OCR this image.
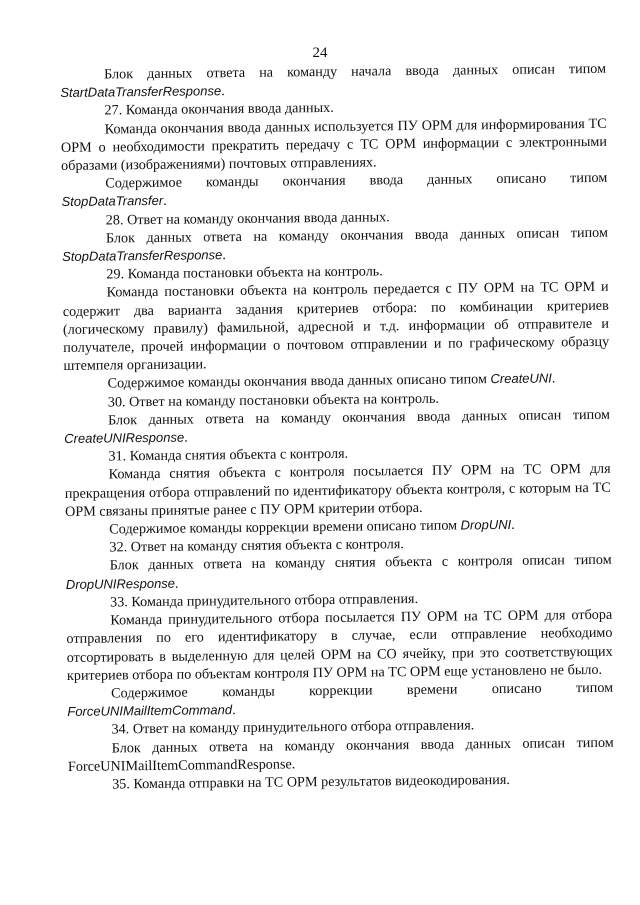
24

Блок данных ответа на команду начала ввода данных описан типом

StartDataTransferResponse.

27. Команда окончания ввода данных.

Команда окончания ввода данных используется ПУ ОРМ для информирования ТС ОРМ о необходимости прекратить передачу с ТС ОРМ информации с электронными образами (изображениями) почтовых отправлениях.

Содержимое команды окончания ввода данных описано типом

StopDataTransfer.

28. Ответ на команду окончания ввода данных.

Блок данных ответа на команду окончания ввода данных описан типом

StopDataTransferResponse.

29. Команда постановки объекта на контроль.

Команда постановки объекта на контроль передается с ПУ ОРМ на ТС ОРМ и содержит два варианта задания критериев отбора: по комбинации критериев (логическому правилу) фамильной, адресной и т.д. информации об отправителе и получателе, прочей информации о почтовом отправлении и по графическому образцу штемпеля организации.

Содержимое команды окончания ввода данных описано типом CreateUNI.

30. Ответ на команду постановки объекта на контроль.

Блок данных ответа на команду окончания ввода данных описан типом

CreateUNIResponse.

31. Команда снятия объекта с контроля.

Команда снятия объекта с контроля посылается ПУ ОРМ на ТС ОРМ для прекращения отбора отправлений по идентификатору объекта контроля, с которым на ТС ОРМ связаны принятые ранее с ПУ ОРМ критерии отбора.

Содержимое команды коррекции времени описано типом DropUNI.

32. Ответ на команду снятия объекта с контроля.

Блок данных ответа на команду снятия объекта с контроля описан типом

DropUNIResponse.

33. Команда принудительного отбора отправления.

Команда принудительного отбора посылается ПУ ОРМ на ТС ОРМ для отбора отправления по его идентификатору в случае, если отправление необходимо отсортировать в выделенную для целей ОРМ на СО ячейку, при это соответствующих критериев отбора по объектам контроля ПУ ОРМ на ТС ОРМ еще установлено не было.

Содержимое команды коррекции времени описано типом

ForceUNIMailItemCommand.

34. Ответ на команду принудительного отбора отправления.

Блок данных ответа на команду окончания ввода данных описан типом

ForceUNIMailItemCommandResponse.

35. Команда отправки на ТС ОРМ результатов видеокодирования.
